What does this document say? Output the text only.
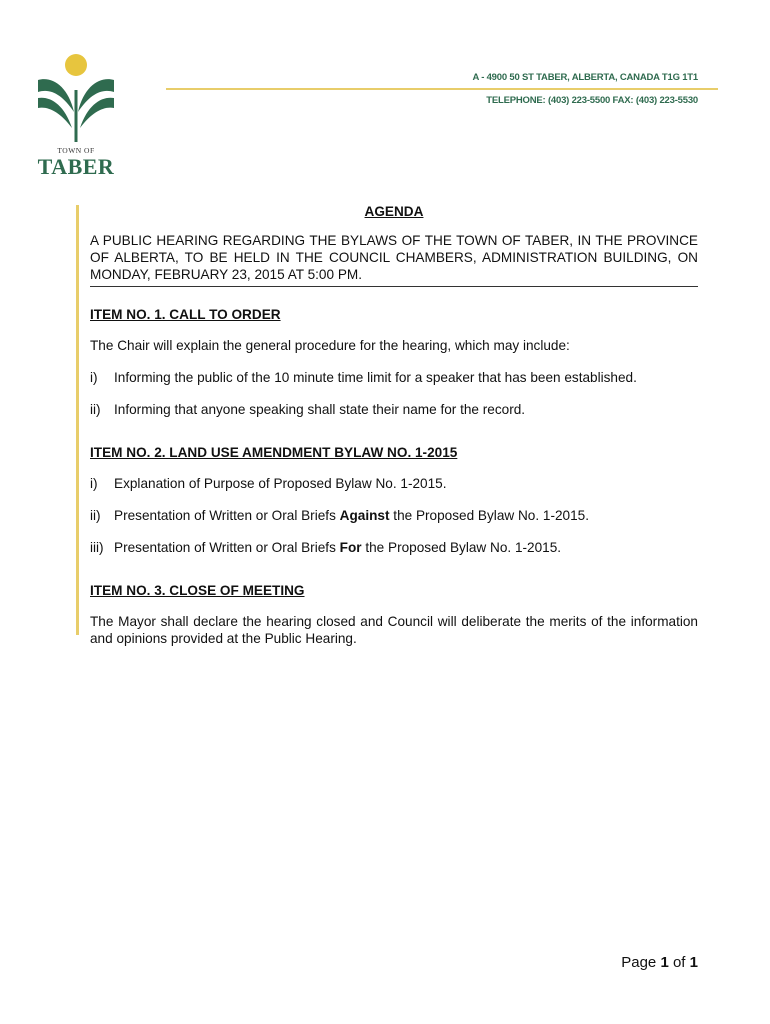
TOWN OF
TABER
A - 4900 50 ST TABER, ALBERTA, CANADA T1G 1T1
TELEPHONE: (403) 223-5500 FAX: (403) 223-5530

AGENDA

A PUBLIC HEARING REGARDING THE BYLAWS OF THE TOWN OF TABER, IN THE PROVINCE OF ALBERTA, TO BE HELD IN THE COUNCIL CHAMBERS, ADMINISTRATION BUILDING, ON MONDAY, FEBRUARY 23, 2015 AT 5:00 PM.

ITEM NO. 1. CALL TO ORDER

The Chair will explain the general procedure for the hearing, which may include:

i)	Informing the public of the 10 minute time limit for a speaker that has been established.
ii) Informing that anyone speaking shall state their name for the record.

ITEM NO. 2. LAND USE AMENDMENT BYLAW NO. 1-2015

i)	Explanation of Purpose of Proposed Bylaw No. 1-2015.
ii) Presentation of Written or Oral Briefs Against the Proposed Bylaw No. 1-2015.
iii) Presentation of Written or Oral Briefs For the Proposed Bylaw No. 1-2015.

ITEM NO. 3. CLOSE OF MEETING

The Mayor shall declare the hearing closed and Council will deliberate the merits of the information and opinions provided at the Public Hearing.

Page 1 of 1
